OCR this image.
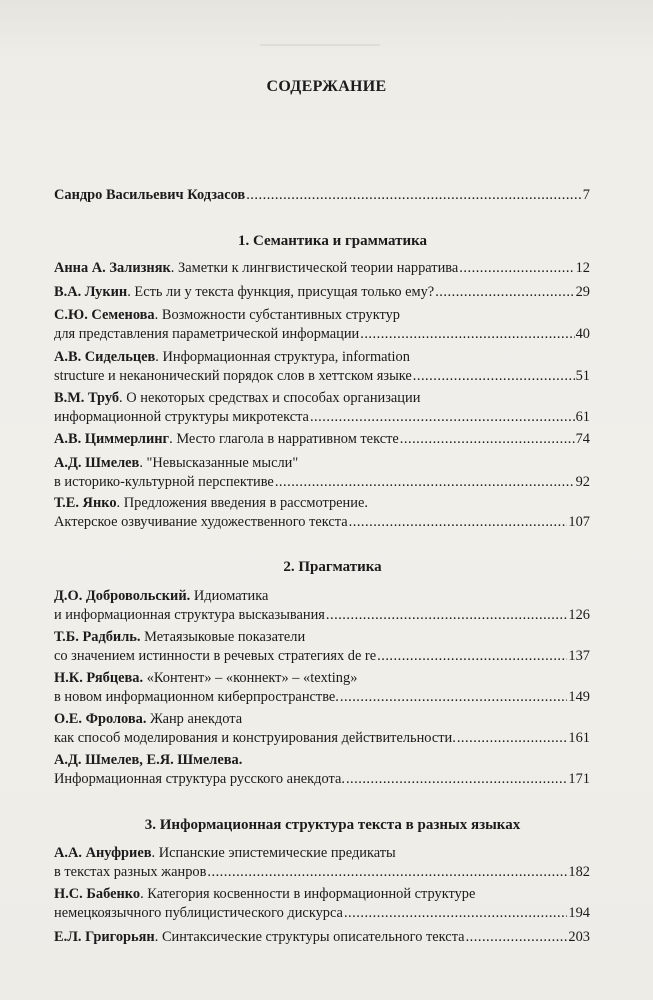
СОДЕРЖАНИЕ
Сандро Васильевич Кодзасов .....	7
1. Семантика и грамматика
Анна А. Зализняк. Заметки к лингвистической теории нарратива .....	12
В.А. Лукин. Есть ли у текста функция, присущая только ему? .....	29
С.Ю. Семенова. Возможности субстантивных структур
для представления параметрической информации .....	40
А.В. Сидельцев. Информационная структура, information
structure и неканонический порядок слов в хеттском языке .....	51
В.М. Труб. О некоторых средствах и способах организации
информационной структуры микротекста .....	61
А.В. Циммерлинг. Место глагола в нарративном тексте .....	74
А.Д. Шмелев. "Невысказанные мысли"
в историко-культурной перспективе .....	92
Т.Е. Янко. Предложения введения в рассмотрение.
Актерское озвучивание художественного текста .....	107
2. Прагматика
Д.О. Добровольский. Идиоматика
и информационная структура высказывания .....	126
Т.Б. Радбиль. Метаязыковые показатели
со значением истинности в речевых стратегиях de re .....	137
Н.К. Рябцева. «Контент» – «коннект» – «texting»
в новом информационном киберпространстве. .....	149
О.Е. Фролова. Жанр анекдота
как способ моделирования и конструирования действительности. .....	161
А.Д. Шмелев, Е.Я. Шмелева.
Информационная структура русского анекдота. .....	171
3. Информационная структура текста в разных языках
А.А. Ануфриев. Испанские эпистемические предикаты
в текстах разных жанров .....	182
Н.С. Бабенко. Категория косвенности в информационной структуре
немецкоязычного публицистического дискурса .....	194
Е.Л. Григорьян. Синтаксические структуры описательного текста .....	203
